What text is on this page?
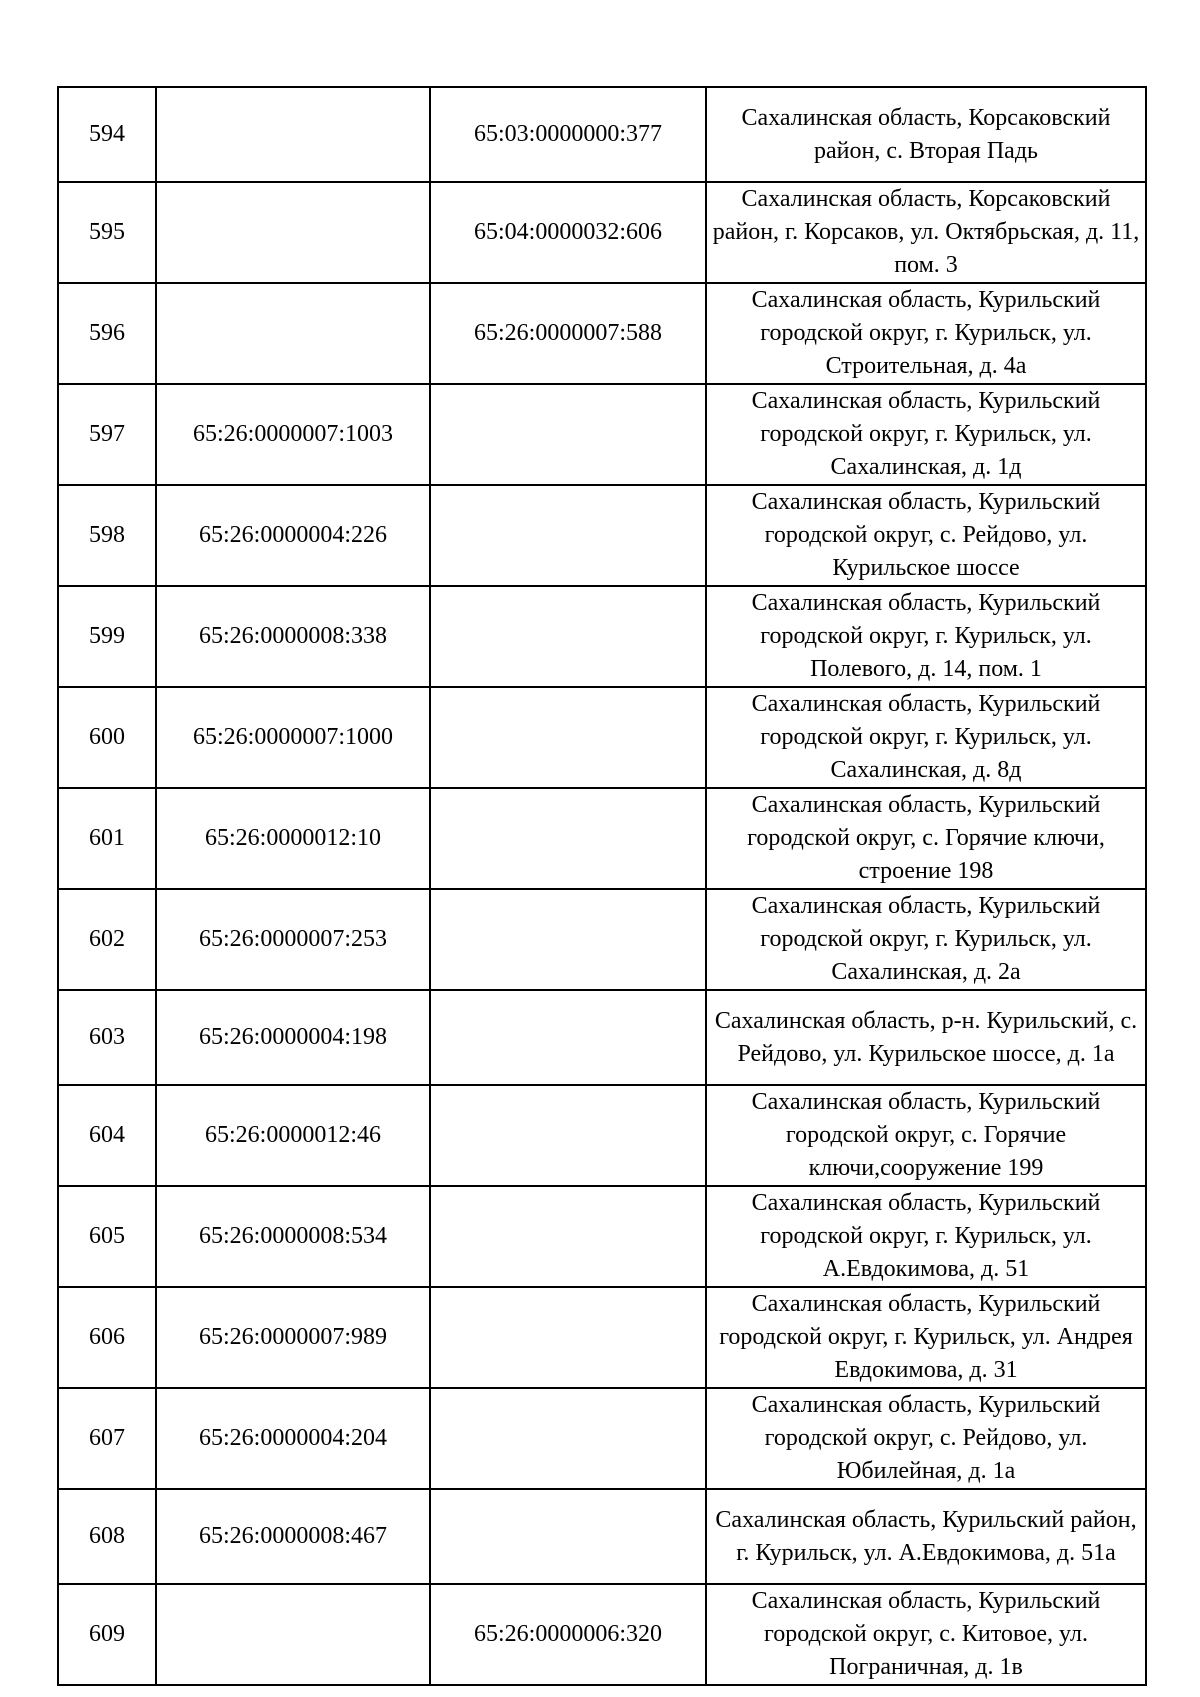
594		65:03:0000000:377	Сахалинская область, Корсаковский район, с. Вторая Падь
595		65:04:0000032:606	Сахалинская область, Корсаковский район, г. Корсаков, ул. Октябрьская, д. 11, пом. 3
596		65:26:0000007:588	Сахалинская область, Курильский городской округ, г. Курильск, ул. Строительная, д. 4а
597	65:26:0000007:1003		Сахалинская область, Курильский городской округ, г. Курильск, ул. Сахалинская, д. 1д
598	65:26:0000004:226		Сахалинская область, Курильский городской округ, с. Рейдово, ул. Курильское шоссе
599	65:26:0000008:338		Сахалинская область, Курильский городской округ, г. Курильск, ул. Полевого, д. 14, пом. 1
600	65:26:0000007:1000		Сахалинская область, Курильский городской округ, г. Курильск, ул. Сахалинская, д. 8д
601	65:26:0000012:10		Сахалинская область, Курильский городской округ, с. Горячие ключи, строение 198
602	65:26:0000007:253		Сахалинская область, Курильский городской округ, г. Курильск, ул. Сахалинская, д. 2а
603	65:26:0000004:198		Сахалинская область, р-н. Курильский, с. Рейдово, ул. Курильское шоссе, д. 1а
604	65:26:0000012:46		Сахалинская область, Курильский городской округ, с. Горячие ключи,сооружение 199
605	65:26:0000008:534		Сахалинская область, Курильский городской округ, г. Курильск, ул. А.Евдокимова, д. 51
606	65:26:0000007:989		Сахалинская область, Курильский городской округ, г. Курильск, ул. Андрея Евдокимова, д. 31
607	65:26:0000004:204		Сахалинская область, Курильский городской округ, с. Рейдово, ул. Юбилейная, д. 1а
608	65:26:0000008:467		Сахалинская область, Курильский район, г. Курильск, ул. А.Евдокимова, д. 51а
609		65:26:0000006:320	Сахалинская область, Курильский городской округ, с. Китовое, ул. Пограничная, д. 1в
